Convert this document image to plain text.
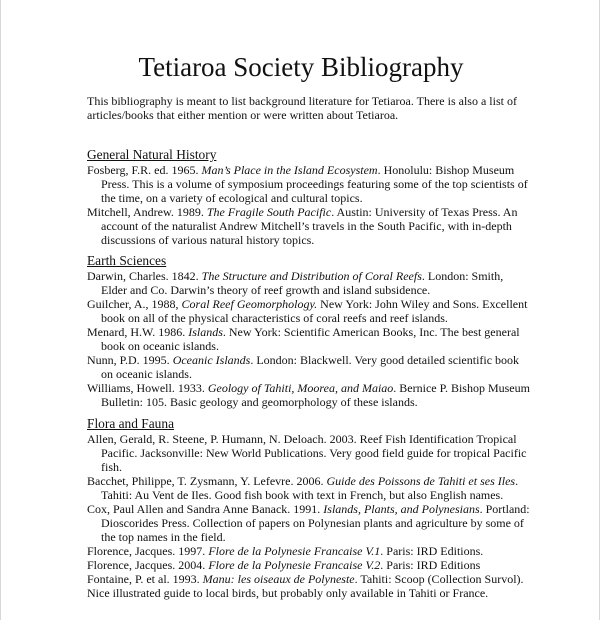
Tetiaroa Society Bibliography
This bibliography is meant to list background literature for Tetiaroa. There is also a list of articles/books that either mention or were written about Tetiaroa.
General Natural History
Fosberg, F.R. ed. 1965. Man’s Place in the Island Ecosystem. Honolulu: Bishop Museum Press. This is a volume of symposium proceedings featuring some of the top scientists of the time, on a variety of ecological and cultural topics.
Mitchell, Andrew. 1989. The Fragile South Pacific. Austin: University of Texas Press. An account of the naturalist Andrew Mitchell’s travels in the South Pacific, with in-depth discussions of various natural history topics.
Earth Sciences
Darwin, Charles. 1842. The Structure and Distribution of Coral Reefs. London: Smith, Elder and Co. Darwin’s theory of reef growth and island subsidence.
Guilcher, A., 1988, Coral Reef Geomorphology. New York: John Wiley and Sons. Excellent book on all of the physical characteristics of coral reefs and reef islands.
Menard, H.W. 1986. Islands. New York: Scientific American Books, Inc. The best general book on oceanic islands.
Nunn, P.D. 1995. Oceanic Islands. London: Blackwell. Very good detailed scientific book on oceanic islands.
Williams, Howell. 1933. Geology of Tahiti, Moorea, and Maiao. Bernice P. Bishop Museum Bulletin: 105. Basic geology and geomorphology of these islands.
Flora and Fauna
Allen, Gerald, R. Steene, P. Humann, N. Deloach. 2003. Reef Fish Identification Tropical Pacific. Jacksonville: New World Publications. Very good field guide for tropical Pacific fish.
Bacchet, Philippe, T. Zysmann, Y. Lefevre. 2006. Guide des Poissons de Tahiti et ses Iles. Tahiti: Au Vent de Iles. Good fish book with text in French, but also English names.
Cox, Paul Allen and Sandra Anne Banack. 1991. Islands, Plants, and Polynesians. Portland: Dioscorides Press. Collection of papers on Polynesian plants and agriculture by some of the top names in the field.
Florence, Jacques. 1997. Flore de la Polynesie Francaise V.1. Paris: IRD Editions.
Florence, Jacques. 2004. Flore de la Polynesie Francaise V.2. Paris: IRD Editions
Fontaine, P. et al. 1993. Manu: les oiseaux de Polyneste. Tahiti: Scoop (Collection Survol). Nice illustrated guide to local birds, but probably only available in Tahiti or France.
